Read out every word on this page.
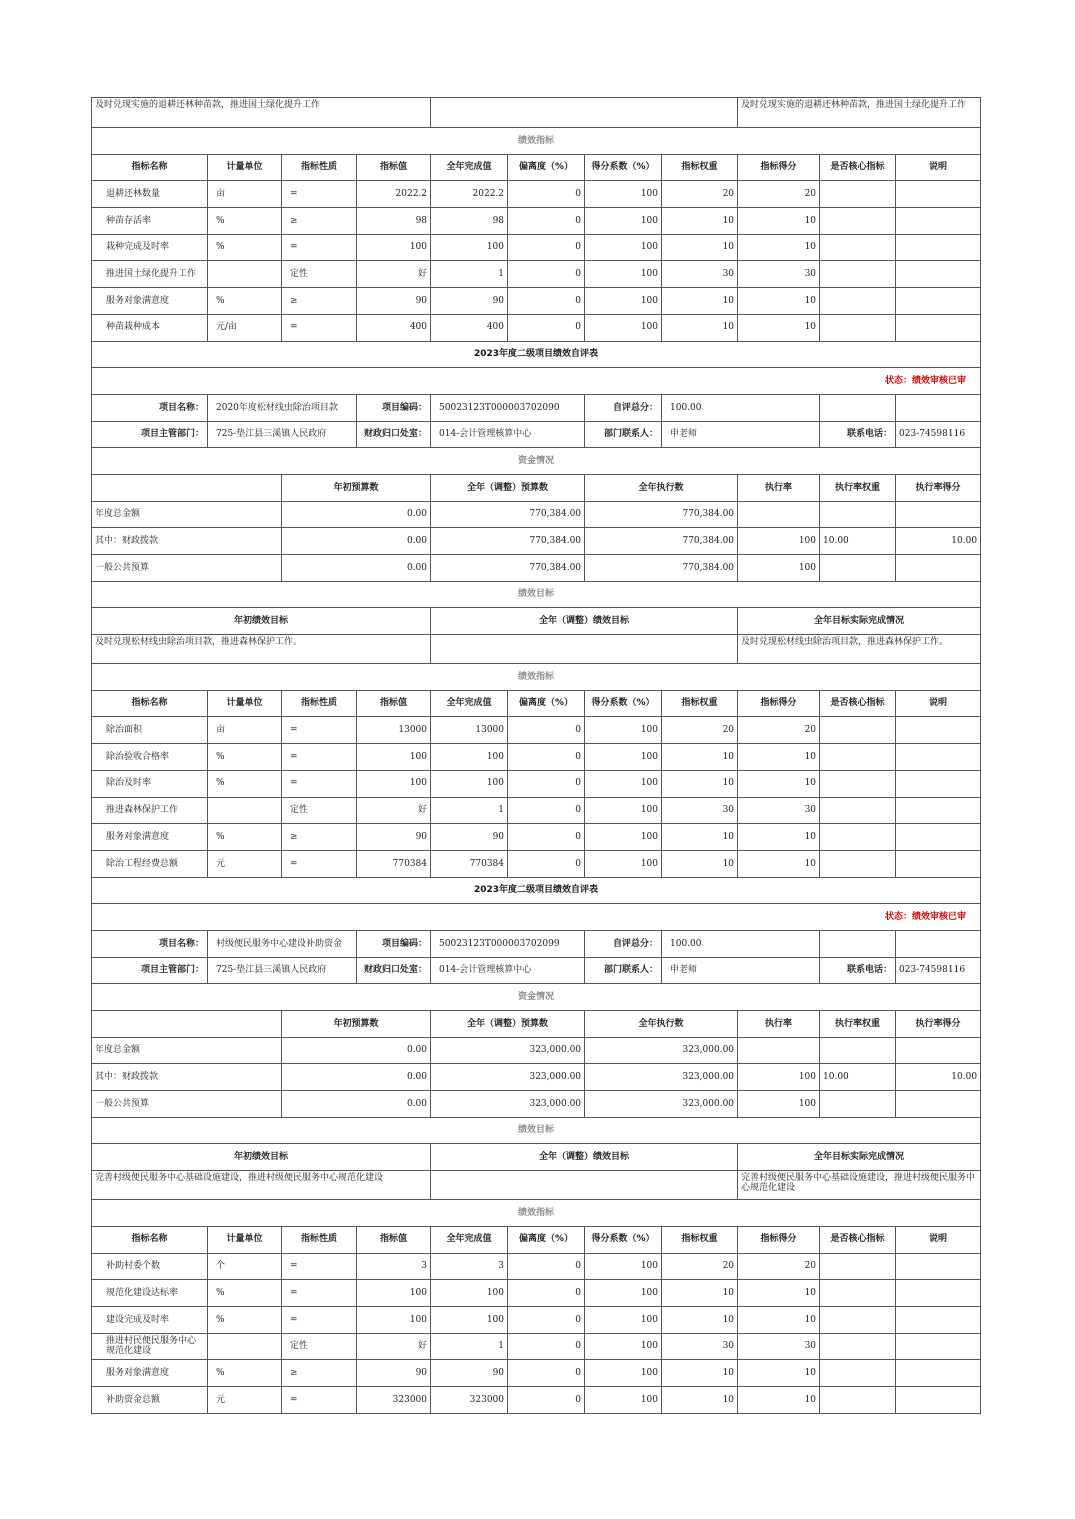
及时兑现实施的退耕还林种苗款，推进国土绿化提升工作								及时兑现实施的退耕还林种苗款，推进国土绿化提升工作		
绩效指标										
指标名称	计量单位	指标性质	指标值	全年完成值	偏离度（%）	得分系数（%）	指标权重	指标得分	是否核心指标	说明
退耕还林数量	亩	=	2022.2	2022.2	0	100	20	20		
种苗存活率	%	≥	98	98	0	100	10	10		
栽种完成及时率	%	=	100	100	0	100	10	10		
推进国土绿化提升工作		定性	好	1	0	100	30	30		
服务对象满意度	%	≥	90	90	0	100	10	10		
种苗栽种成本	元/亩	=	400	400	0	100	10	10		
2023年度二级项目绩效自评表										
状态：绩效审核已审										
项目名称：	2020年度松材线虫除治项目款		项目编码：	50023123T000003702090		自评总分：	100.00			
项目主管部门：	725-垫江县三溪镇人民政府		财政归口处室：	014-会计管理核算中心		部门联系人：	申老师		联系电话：	023-74598116
资金情况										
		年初预算数		全年（调整）预算数		全年执行数		执行率	执行率权重	执行率得分
年度总金额		0.00		770,384.00		770,384.00				
其中：财政拨款		0.00		770,384.00		770,384.00		100	10.00	10.00
一般公共预算		0.00		770,384.00		770,384.00		100		
绩效目标										
年初绩效目标				全年（调整）绩效目标				全年目标实际完成情况		
及时兑现松材线虫除治项目款，推进森林保护工作。								及时兑现松材线虫除治项目款，推进森林保护工作。		
绩效指标										
指标名称	计量单位	指标性质	指标值	全年完成值	偏离度（%）	得分系数（%）	指标权重	指标得分	是否核心指标	说明
除治面积	亩	=	13000	13000	0	100	20	20		
除治验收合格率	%	=	100	100	0	100	10	10		
除治及时率	%	=	100	100	0	100	10	10		
推进森林保护工作		定性	好	1	0	100	30	30		
服务对象满意度	%	≥	90	90	0	100	10	10		
除治工程经费总额	元	=	770384	770384	0	100	10	10		
2023年度二级项目绩效自评表										
状态：绩效审核已审										
项目名称：	村级便民服务中心建设补助资金		项目编码：	50023123T000003702099		自评总分：	100.00			
项目主管部门：	725-垫江县三溪镇人民政府		财政归口处室：	014-会计管理核算中心		部门联系人：	申老师		联系电话：	023-74598116
资金情况										
		年初预算数		全年（调整）预算数		全年执行数		执行率	执行率权重	执行率得分
年度总金额		0.00		323,000.00		323,000.00				
其中：财政拨款		0.00		323,000.00		323,000.00		100	10.00	10.00
一般公共预算		0.00		323,000.00		323,000.00		100		
绩效目标										
年初绩效目标				全年（调整）绩效目标				全年目标实际完成情况		
完善村级便民服务中心基础设施建设，推进村级便民服务中心规范化建设								完善村级便民服务中心基础设施建设，推进村级便民服务中心规范化建设		
绩效指标										
指标名称	计量单位	指标性质	指标值	全年完成值	偏离度（%）	得分系数（%）	指标权重	指标得分	是否核心指标	说明
补助村委个数	个	=	3	3	0	100	20	20		
规范化建设达标率	%	=	100	100	0	100	10	10		
建设完成及时率	%	=	100	100	0	100	10	10		
推进村民便民服务中心规范化建设		定性	好	1	0	100	30	30		
服务对象满意度	%	≥	90	90	0	100	10	10		
补助资金总额	元	=	323000	323000	0	100	10	10		
